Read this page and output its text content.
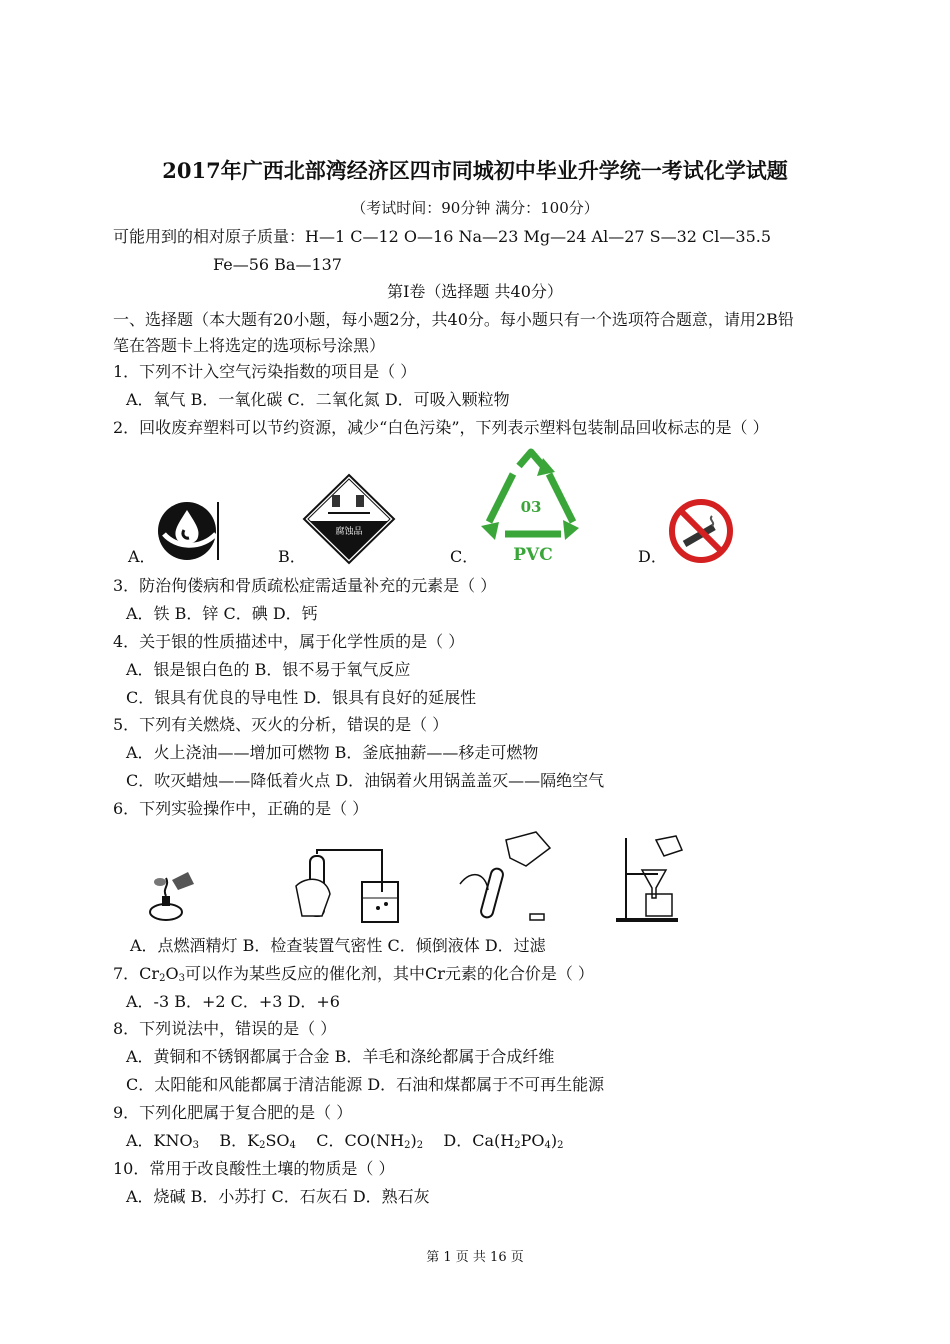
2017年广西北部湾经济区四市同城初中毕业升学统一考试化学试题
（考试时间：90分钟 满分：100分）
可能用到的相对原子质量：H—1 C—12 O—16 Na—23 Mg—24 Al—27 S—32 Cl—35.5
Fe—56 Ba—137
第Ⅰ卷（选择题 共40分）
一、选择题（本大题有20小题，每小题2分，共40分。每小题只有一个选项符合题意，请用2B铅
笔在答题卡上将选定的选项标号涂黑）
1．下列不计入空气污染指数的项目是（ ）
A．氧气 B．一氧化碳 C．二氧化氮 D．可吸入颗粒物
2．回收废弃塑料可以节约资源，减少“白色污染”，下列表示塑料包装制品回收标志的是（ ）
A．	B．	C．	D．
腐蚀品
03
PVC
3．防治佝偻病和骨质疏松症需适量补充的元素是（ ）
A．铁 B．锌 C．碘 D．钙
4．关于银的性质描述中，属于化学性质的是（ ）
A．银是银白色的 B．银不易于氧气反应
C．银具有优良的导电性 D．银具有良好的延展性
5．下列有关燃烧、灭火的分析，错误的是（ ）
A．火上浇油——增加可燃物 B．釜底抽薪——移走可燃物
C．吹灭蜡烛——降低着火点 D．油锅着火用锅盖盖灭——隔绝空气
6．下列实验操作中，正确的是（ ）
A．点燃酒精灯 B．检查装置气密性 C．倾倒液体 D．过滤
7．$Cr_2O_3$可以作为某些反应的催化剂，其中Cr元素的化合价是（ ）
A．-3 B．+2 C．+3 D．+6
8．下列说法中，错误的是（ ）
A．黄铜和不锈钢都属于合金 B．羊毛和涤纶都属于合成纤维
C．太阳能和风能都属于清洁能源 D．石油和煤都属于不可再生能源
9．下列化肥属于复合肥的是（ ）
A．$KNO_3$ B．$K_2SO_4$ C．$CO(NH_2)_2$ D．$Ca(H_2PO_4)_2$
10．常用于改良酸性土壤的物质是（ ）
A．烧碱 B．小苏打 C．石灰石 D．熟石灰
第 1 页 共 16 页
